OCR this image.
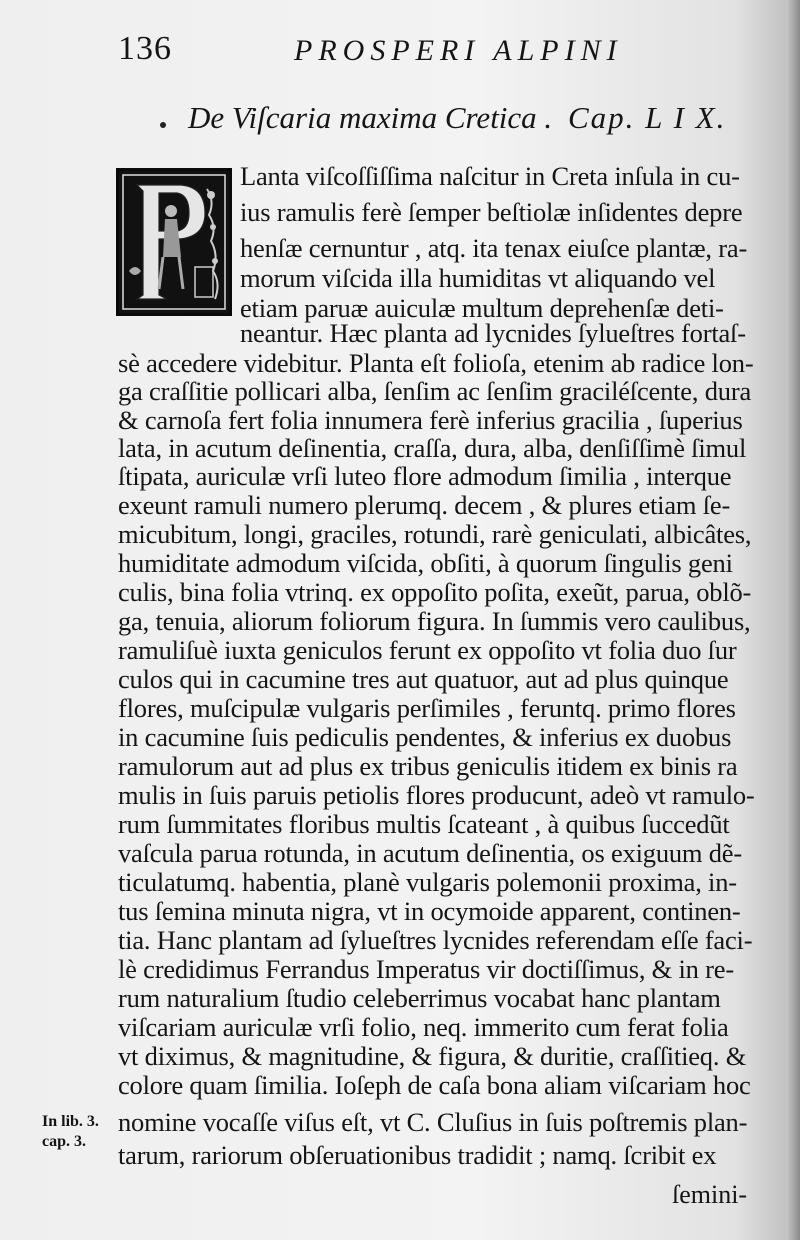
136	PROSPERI ALPINI
De Viſcaria maxima Cretica . Cap. L I X.
Lanta viſcoſſiſſima naſcitur in Creta inſula in cu-
ius ramulis ferè ſemper beſtiolæ inſidentes depre
henſæ cernuntur , atq. ita tenax eiuſce plantæ, ra-
morum viſcida illa humiditas vt aliquando vel
etiam paruæ auiculæ multum deprehenſæ deti-
neantur. Hæc planta ad lycnides ſylueſtres fortaſ-
sè accedere videbitur. Planta eſt folioſa, etenim ab radice lon-
ga craſſitie pollicari alba, ſenſim ac ſenſim graciléſcente, dura
& carnoſa fert folia innumera ferè inferius gracilia , ſuperius
lata, in acutum deſinentia, craſſa, dura, alba, denſiſſimè ſimul
ſtipata, auriculæ vrſi luteo flore admodum ſimilia , interque
exeunt ramuli numero plerumq. decem , & plures etiam ſe-
micubitum, longi, graciles, rotundi, rarè geniculati, albicâtes,
humiditate admodum viſcida, obſiti, à quorum ſingulis geni
culis, bina folia vtrinq. ex oppoſito poſita, exeũt, parua, oblõ-
ga, tenuia, aliorum foliorum figura. In ſummis vero caulibus,
ramuliſuè iuxta geniculos ferunt ex oppoſito vt folia duo ſur
culos qui in cacumine tres aut quatuor, aut ad plus quinque
flores, muſcipulæ vulgaris perſimiles , feruntq. primo flores
in cacumine ſuis pediculis pendentes, & inferius ex duobus
ramulorum aut ad plus ex tribus geniculis itidem ex binis ra
mulis in ſuis paruis petiolis flores producunt, adeò vt ramulo-
rum ſummitates floribus multis ſcateant , à quibus ſuccedũt
vaſcula parua rotunda, in acutum deſinentia, os exiguum dẽ-
ticulatumq. habentia, planè vulgaris polemonii proxima, in-
tus ſemina minuta nigra, vt in ocymoide apparent, continen-
tia. Hanc plantam ad ſylueſtres lycnides referendam eſſe faci-
lè credidimus Ferrandus Imperatus vir doctiſſimus, & in re-
rum naturalium ſtudio celeberrimus vocabat hanc plantam
viſcariam auriculæ vrſi folio, neq. immerito cum ferat folia
vt diximus, & magnitudine, & figura, & duritie, craſſitieq. &
colore quam ſimilia. Ioſeph de caſa bona aliam viſcariam hoc
nomine vocaſſe viſus eſt, vt C. Cluſius in ſuis poſtremis plan-
tarum, rariorum obſeruationibus tradidit ; namq. ſcribit ex
In lib. 3.
cap. 3.
ſemini-
